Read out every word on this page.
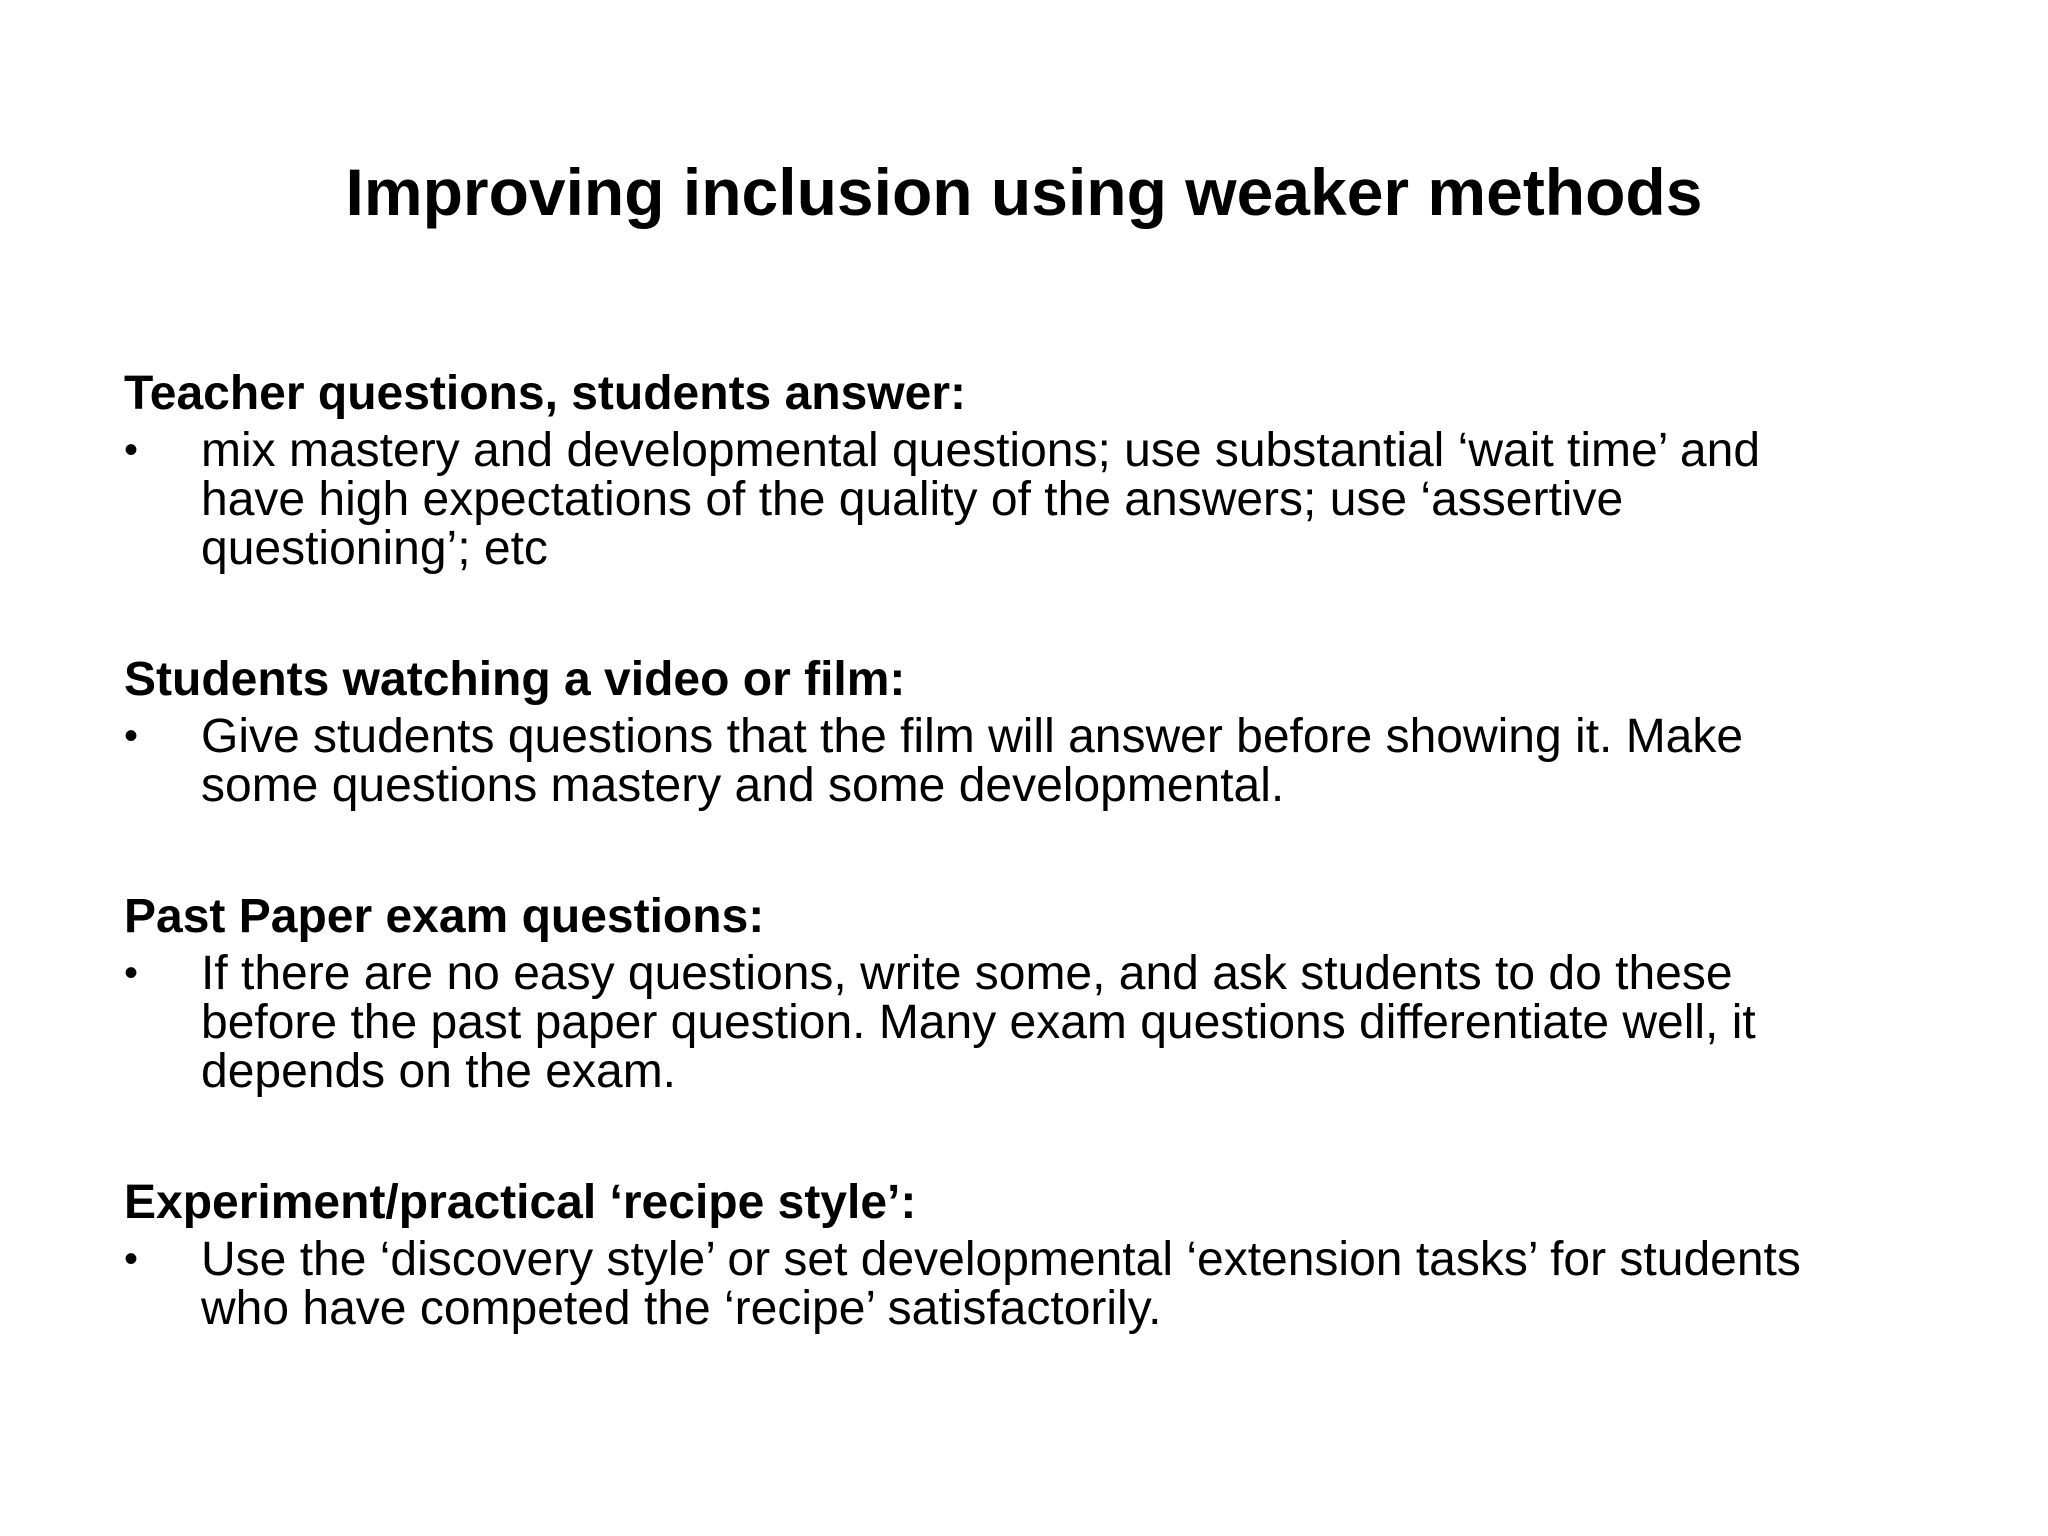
Improving inclusion using weaker methods

Teacher questions, students answer:

• mix mastery and developmental questions; use substantial ‘wait time’ and
have high expectations of the quality of the answers; use ‘assertive
questioning’; etc

Students watching a video or film:

• Give students questions that the film will answer before showing it. Make
some questions mastery and some developmental.

Past Paper exam questions:

• If there are no easy questions, write some, and ask students to do these
before the past paper question. Many exam questions differentiate well, it
depends on the exam.

Experiment/practical ‘recipe style’:

• Use the ‘discovery style’ or set developmental ‘extension tasks’ for students
who have competed the ‘recipe’ satisfactorily.
